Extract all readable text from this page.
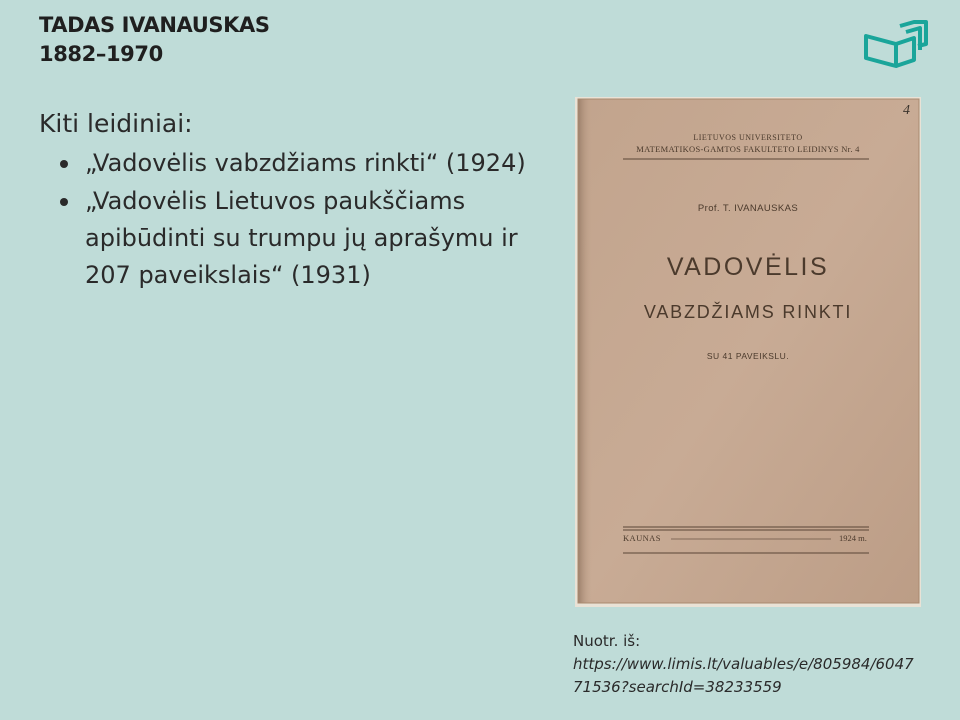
TADAS IVANAUSKAS
1882–1970
Kiti leidiniai:
„Vadovėlis vabzdžiams rinkti“ (1924)
„Vadovėlis Lietuvos paukščiams apibūdinti su trumpu jų aprašymu ir 207 paveikslais“ (1931)
4
LIETUVOS UNIVERSITETO
MATEMATIKOS-GAMTOS FAKULTETO LEIDINYS Nr. 4
Prof. T. IVANAUSKAS
VADOVĖLIS
VABZDŽIAMS RINKTI
SU 41 PAVEIKSLU.
KAUNAS	1924 m.
Nuotr. iš:
https://www.limis.lt/valuables/e/805984/604771536?searchId=38233559
